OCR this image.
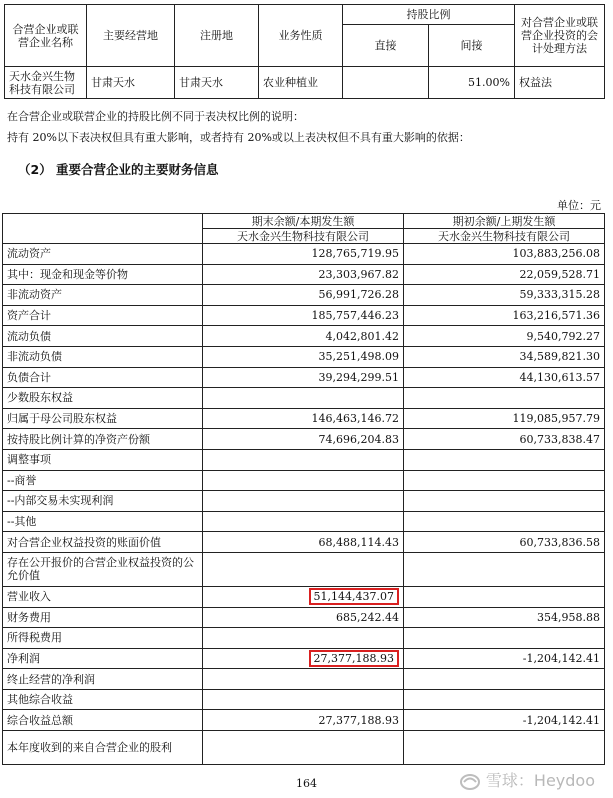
合营企业或联营企业名称	主要经营地	注册地	业务性质	持股比例		对合营企业或联营企业投资的会计处理方法
				直接	间接	
天水金兴生物科技有限公司	甘肃天水	甘肃天水	农业种植业		51.00%	权益法
在合营企业或联营企业的持股比例不同于表决权比例的说明：
持有 20%以下表决权但具有重大影响，或者持有 20%或以上表决权但不具有重大影响的依据：
（2） 重要合营企业的主要财务信息
单位：元
	期末余额/本期发生额	期初余额/上期发生额
	天水金兴生物科技有限公司	天水金兴生物科技有限公司
流动资产	128,765,719.95	103,883,256.08
其中：现金和现金等价物	23,303,967.82	22,059,528.71
非流动资产	56,991,726.28	59,333,315.28
资产合计	185,757,446.23	163,216,571.36
流动负债	4,042,801.42	9,540,792.27
非流动负债	35,251,498.09	34,589,821.30
负债合计	39,294,299.51	44,130,613.57
少数股东权益		
归属于母公司股东权益	146,463,146.72	119,085,957.79
按持股比例计算的净资产份额	74,696,204.83	60,733,838.47
调整事项		
--商誉		
--内部交易未实现利润		
--其他		
对合营企业权益投资的账面价值	68,488,114.43	60,733,836.58
存在公开报价的合营企业权益投资的公允价值		
营业收入	51,144,437.07	
财务费用	685,242.44	354,958.88
所得税费用		
净利润	27,377,188.93	-1,204,142.41
终止经营的净利润		
其他综合收益		
综合收益总额	27,377,188.93	-1,204,142.41
本年度收到的来自合营企业的股利		
164	雪球：Heydoo
